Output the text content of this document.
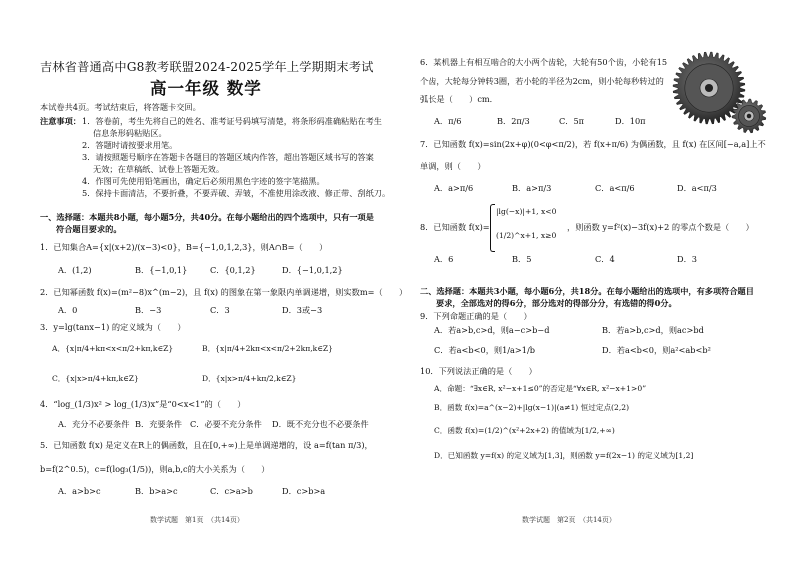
吉林省普通高中G8教考联盟2024-2025学年上学期期末考试
高一年级 数学
本试卷共4页。考试结束后，将答题卡交回。
注意事项： 1．答卷前，考生先将自己的姓名、准考证号码填写清楚，将条形码准确粘贴在考生
信息条形码粘贴区。
2．答题时请按要求用笔。
3．请按照题号顺序在答题卡各题目的答题区域内作答，超出答题区域书写的答案
无效；在草稿纸、试卷上答题无效。
4．作图可先使用铅笔画出，确定后必须用黑色字迹的签字笔描黑。
5．保持卡面清洁，不要折叠，不要弄破、弄皱，不准使用涂改液、修正带、刮纸刀。
一、选择题：本题共8小题，每小题5分，共40分。在每小题给出的四个选项中，只有一项是
符合题目要求的。
1．已知集合A={x|(x+2)/(x−3)<0}，B={−1,0,1,2,3}，则A∩B=（　　）
A．(1,2)	B．{−1,0,1}	C．{0,1,2}	D．{−1,0,1,2}
2．已知幂函数 f(x)=(m²−8)x^(m−2)，且 f(x) 的图象在第一象限内单调递增，则实数m=（　　）
A．0	B．−3	C．3	D．3或−3
3．y=lg(tanx−1) 的定义域为（　　）
A．{x|π/4+kπ<x<π/2+kπ,k∈Z}	B．{x|π/4+2kπ<x<π/2+2kπ,k∈Z}
C．{x|x>π/4+kπ,k∈Z}	D．{x|x>π/4+kπ/2,k∈Z}
4．“log_(1/3)x² > log_(1/3)x”是“0<x<1”的（　　）
A．充分不必要条件 B．充要条件 C．必要不充分条件 D．既不充分也不必要条件
5．已知函数 f(x) 是定义在R上的偶函数，且在[0,+∞)上是单调递增的，设 a=f(tan π/3)，
b=f(2^0.5)，c=f(log₃(1/5))，则a,b,c的大小关系为（　　）
A．a>b>c	B．b>a>c	C．c>a>b	D．c>b>a
数学试题　第1页　（共14页）
6．某机器上有相互啮合的大小两个齿轮，大轮有50个齿，小轮有15
个齿，大轮每分钟转3圈，若小轮的半径为2cm，则小轮每秒转过的
弧长是（　　）cm．
A．π/6	B．2π/3	C．5π	D．10π
7．已知函数 f(x)=sin(2x+φ)(0<φ<π/2)，若 f(x+π/6) 为偶函数，且 f(x) 在区间[−a,a]上不
单调，则（　　）
A．a>π/6	B．a>π/3	C．a<π/6	D．a<π/3
8．已知函数 f(x)=
|lg(−x)|+1, x<0
(1/2)^x+1, x≥0
，则函数 y=f²(x)−3f(x)+2 的零点个数是（　　）
A．6	B．5	C．4	D．3
二、选择题：本题共3小题，每小题6分，共18分。在每小题给出的选项中，有多项符合题目
要求，全部选对的得6分，部分选对的得部分分，有选错的得0分。
9．下列命题正确的是（　　）
A．若a>b,c>d，则a−c>b−d	B．若a>b,c>d，则ac>bd
C．若a<b<0，则1/a>1/b	D．若a<b<0，则a²<ab<b²
10．下列说法正确的是（　　）
A．命题：“∃x∈R, x²−x+1≤0”的否定是“∀x∈R, x²−x+1>0”
B．函数 f(x)=a^(x−2)+|lg(x−1)|(a≠1) 恒过定点(2,2)
C．函数 f(x)=(1/2)^(x²+2x+2) 的值域为[1/2,+∞)
D．已知函数 y=f(x) 的定义域为[1,3]，则函数 y=f(2x−1) 的定义域为[1,2]
数学试题　第2页　（共14页）
